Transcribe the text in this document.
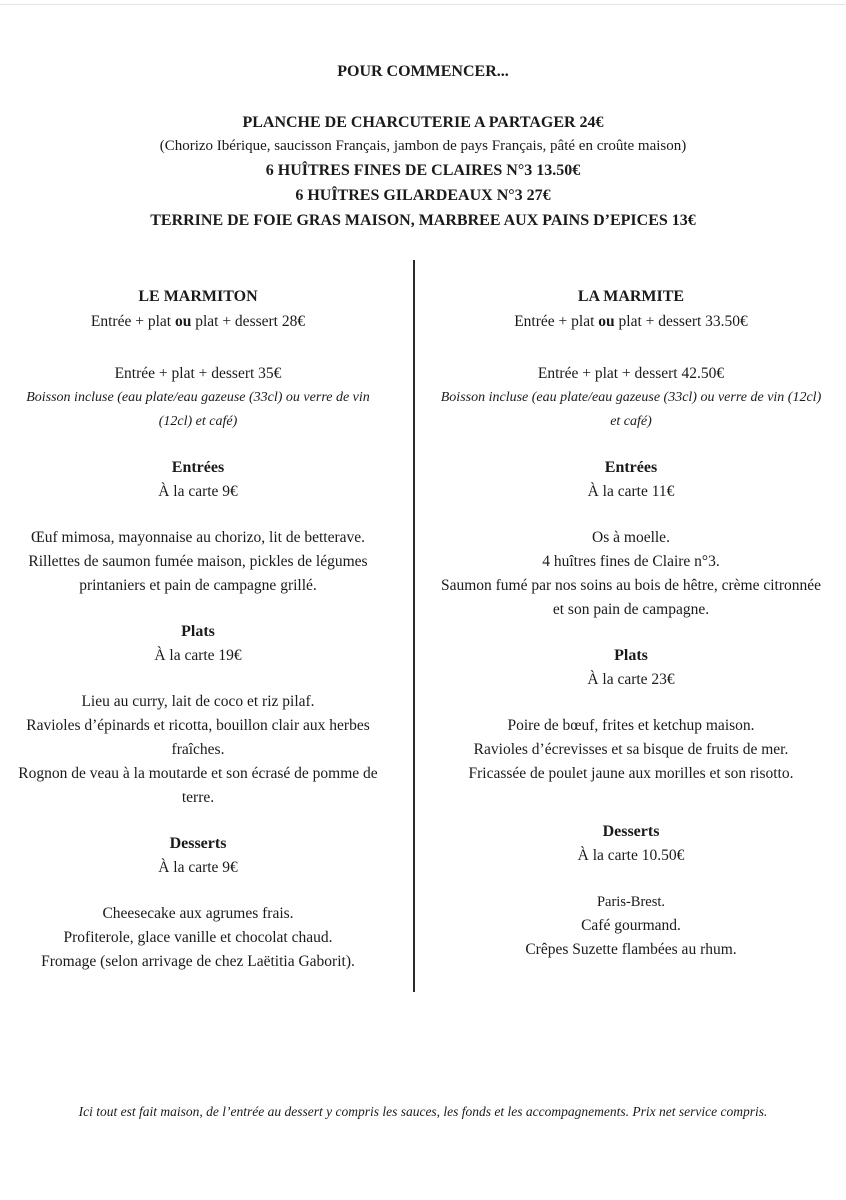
POUR COMMENCER...
PLANCHE DE CHARCUTERIE A PARTAGER 24€
(Chorizo Ibérique, saucisson Français, jambon de pays Français, pâté en croûte maison)
6 HUÎTRES FINES DE CLAIRES N°3 13.50€
6 HUÎTRES GILARDEAUX N°3 27€
TERRINE DE FOIE GRAS MAISON, MARBREE AUX PAINS D’EPICES 13€
LE MARMITON
Entrée + plat ou plat + dessert 28€
Entrée + plat + dessert 35€
Boisson incluse (eau plate/eau gazeuse (33cl) ou verre de vin (12cl) et café)
Entrées
À la carte 9€
Œuf mimosa, mayonnaise au chorizo, lit de betterave.
Rillettes de saumon fumée maison, pickles de légumes printaniers et pain de campagne grillé.
Plats
À la carte 19€
Lieu au curry, lait de coco et riz pilaf.
Ravioles d’épinards et ricotta, bouillon clair aux herbes fraîches.
Rognon de veau à la moutarde et son écrasé de pomme de terre.
Desserts
À la carte 9€
Cheesecake aux agrumes frais.
Profiterole, glace vanille et chocolat chaud.
Fromage (selon arrivage de chez Laëtitia Gaborit).
LA MARMITE
Entrée + plat ou plat + dessert 33.50€
Entrée + plat + dessert 42.50€
Boisson incluse (eau plate/eau gazeuse (33cl) ou verre de vin (12cl) et café)
Entrées
À la carte 11€
Os à moelle.
4 huîtres fines de Claire n°3.
Saumon fumé par nos soins au bois de hêtre, crème citronnée et son pain de campagne.
Plats
À la carte 23€
Poire de bœuf, frites et ketchup maison.
Ravioles d’écrevisses et sa bisque de fruits de mer.
Fricassée de poulet jaune aux morilles et son risotto.
Desserts
À la carte 10.50€
Paris-Brest.
Café gourmand.
Crêpes Suzette flambées au rhum.
Ici tout est fait maison, de l’entrée au dessert y compris les sauces, les fonds et les accompagnements. Prix net service compris.
